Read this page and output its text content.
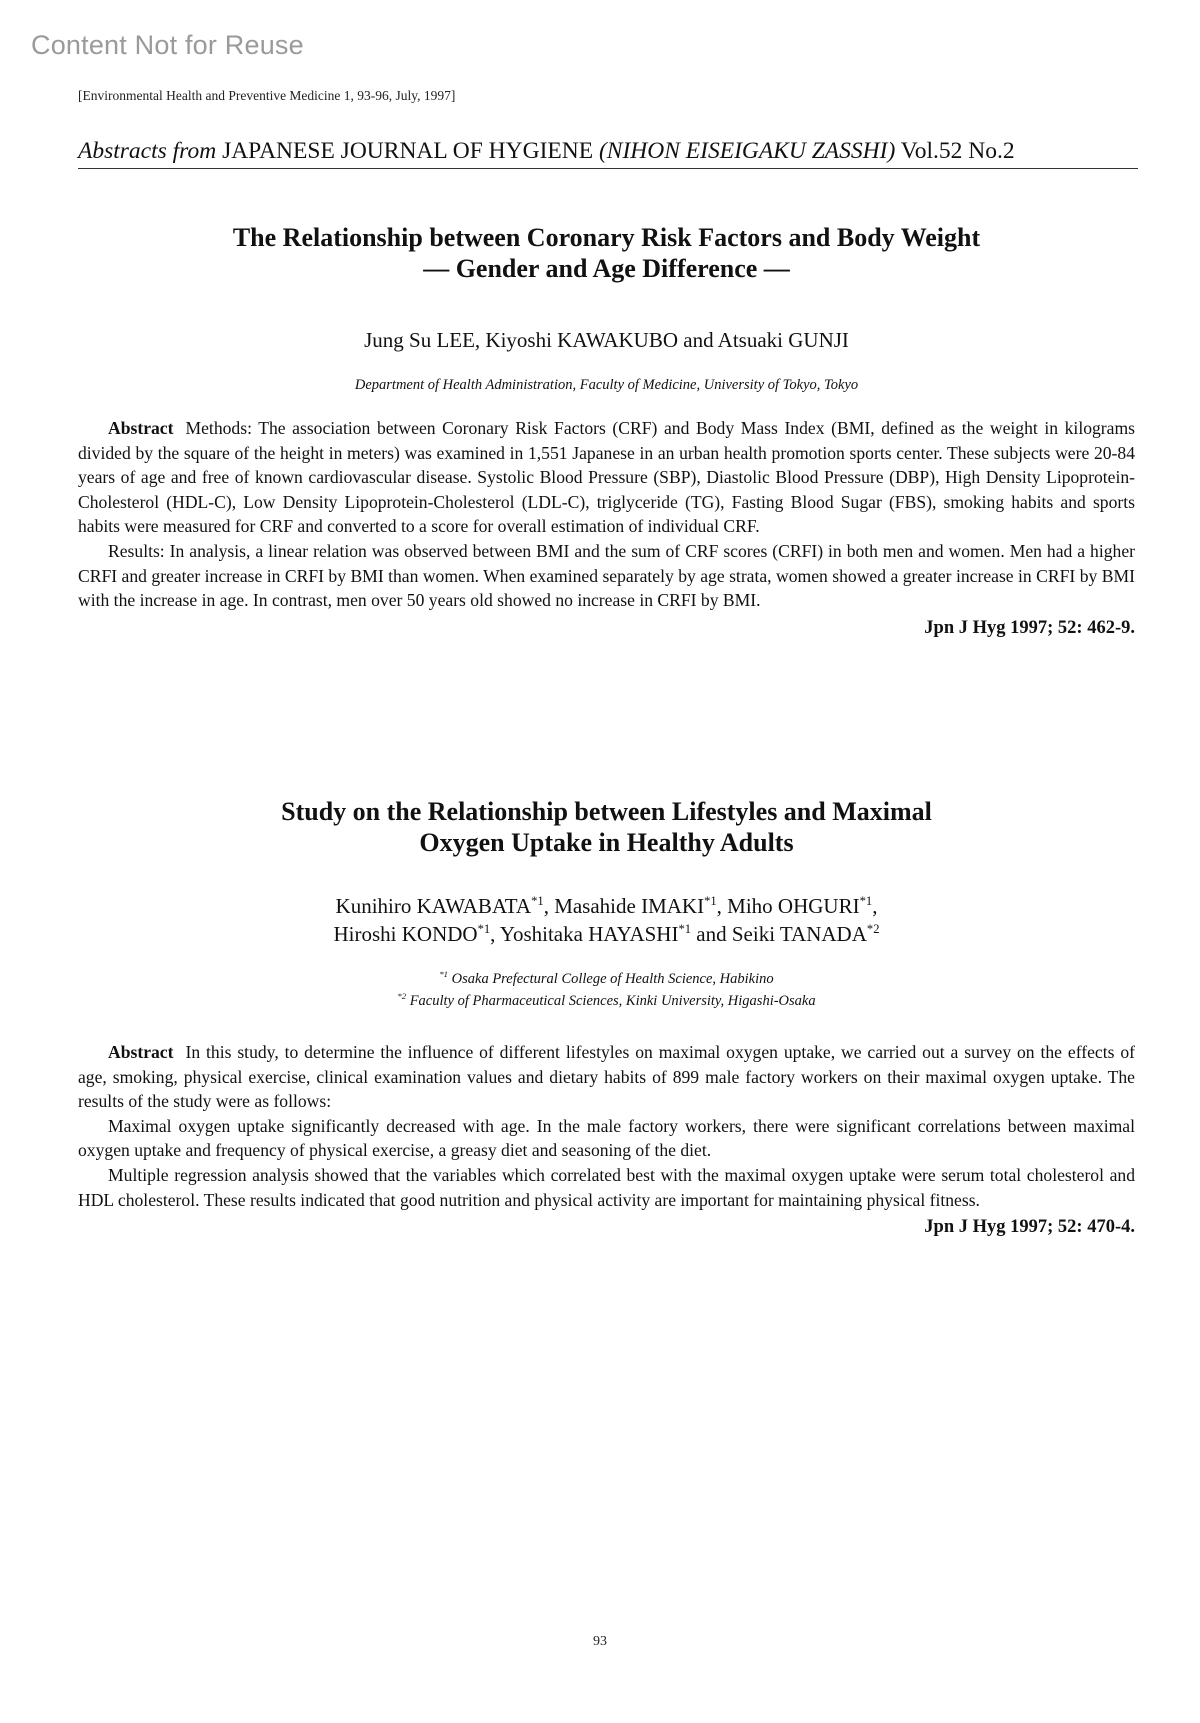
Content Not for Reuse
[Environmental Health and Preventive Medicine 1, 93-96, July, 1997]
Abstracts from JAPANESE JOURNAL OF HYGIENE (NIHON EISEIGAKU ZASSHI) Vol.52 No.2
The Relationship between Coronary Risk Factors and Body Weight
— Gender and Age Difference —

Jung Su LEE, Kiyoshi KAWAKUBO and Atsuaki GUNJI

Department of Health Administration, Faculty of Medicine, University of Tokyo, Tokyo

Abstract Methods: The association between Coronary Risk Factors (CRF) and Body Mass Index (BMI, defined as the weight in kilograms divided by the square of the height in meters) was examined in 1,551 Japanese in an urban health promotion sports center. These subjects were 20-84 years of age and free of known cardiovascular disease. Systolic Blood Pressure (SBP), Diastolic Blood Pressure (DBP), High Density Lipoprotein-Cholesterol (HDL-C), Low Density Lipoprotein-Cholesterol (LDL-C), triglyceride (TG), Fasting Blood Sugar (FBS), smoking habits and sports habits were measured for CRF and converted to a score for overall estimation of individual CRF.

Results: In analysis, a linear relation was observed between BMI and the sum of CRF scores (CRFI) in both men and women. Men had a higher CRFI and greater increase in CRFI by BMI than women. When examined separately by age strata, women showed a greater increase in CRFI by BMI with the increase in age. In contrast, men over 50 years old showed no increase in CRFI by BMI.

Jpn J Hyg 1997; 52: 462-9.

Study on the Relationship between Lifestyles and Maximal
Oxygen Uptake in Healthy Adults

Kunihiro KAWABATA$^{*1}$, Masahide IMAKI$^{*1}$, Miho OHGURI$^{*1}$,
Hiroshi KONDO$^{*1}$, Yoshitaka HAYASHI$^{*1}$ and Seiki TANADA$^{*2}$

$^{*1}$ Osaka Prefectural College of Health Science, Habikino

$^{*2}$ Faculty of Pharmaceutical Sciences, Kinki University, Higashi-Osaka

Abstract In this study, to determine the influence of different lifestyles on maximal oxygen uptake, we carried out a survey on the effects of age, smoking, physical exercise, clinical examination values and dietary habits of 899 male factory workers on their maximal oxygen uptake. The results of the study were as follows:

Maximal oxygen uptake significantly decreased with age. In the male factory workers, there were significant correlations between maximal oxygen uptake and frequency of physical exercise, a greasy diet and seasoning of the diet.

Multiple regression analysis showed that the variables which correlated best with the maximal oxygen uptake were serum total cholesterol and HDL cholesterol. These results indicated that good nutrition and physical activity are important for maintaining physical fitness.

Jpn J Hyg 1997; 52: 470-4.

93
